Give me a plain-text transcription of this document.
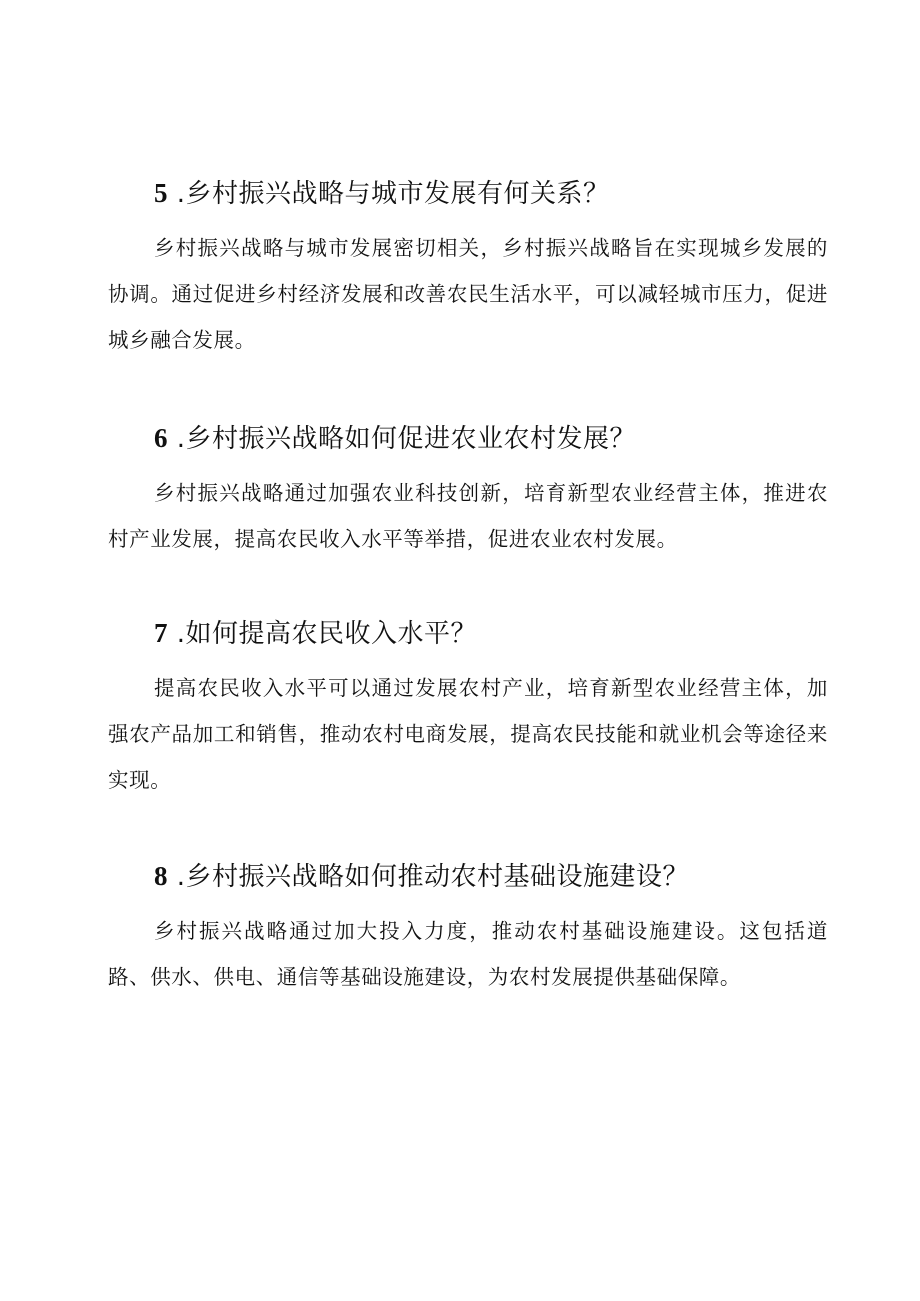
5 .乡村振兴战略与城市发展有何关系？

乡村振兴战略与城市发展密切相关，乡村振兴战略旨在实现城乡发展的协调。通过促进乡村经济发展和改善农民生活水平，可以减轻城市压力，促进城乡融合发展。

6 .乡村振兴战略如何促进农业农村发展？

乡村振兴战略通过加强农业科技创新，培育新型农业经营主体，推进农村产业发展，提高农民收入水平等举措，促进农业农村发展。

7 .如何提高农民收入水平？

提高农民收入水平可以通过发展农村产业，培育新型农业经营主体，加强农产品加工和销售，推动农村电商发展，提高农民技能和就业机会等途径来实现。

8 .乡村振兴战略如何推动农村基础设施建设？

乡村振兴战略通过加大投入力度，推动农村基础设施建设。这包括道路、供水、供电、通信等基础设施建设，为农村发展提供基础保障。
